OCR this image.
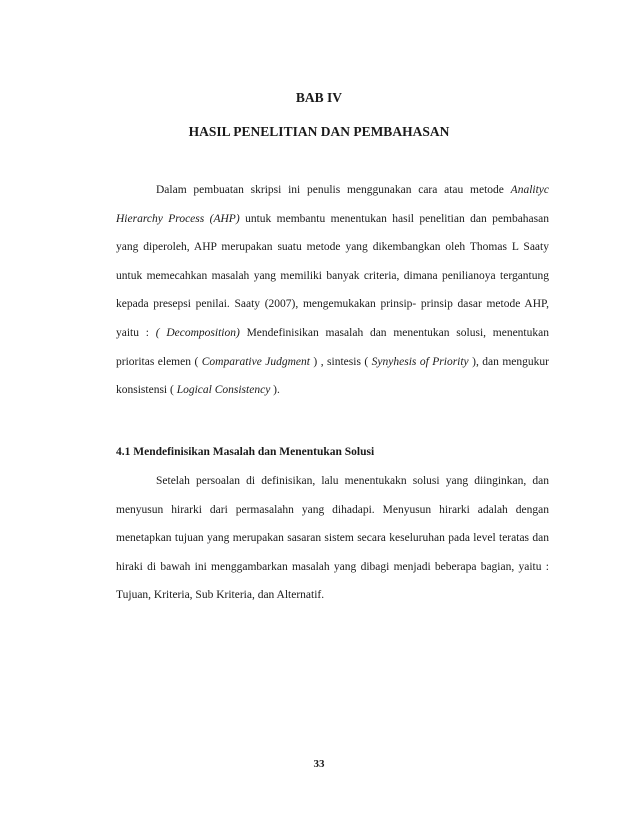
BAB IV
HASIL PENELITIAN DAN PEMBAHASAN

Dalam pembuatan skripsi ini penulis menggunakan cara atau metode Analityc Hierarchy Process (AHP) untuk membantu menentukan hasil penelitian dan pembahasan yang diperoleh, AHP merupakan suatu metode yang dikembangkan oleh Thomas L Saaty untuk memecahkan masalah yang memiliki banyak criteria, dimana penilianoya tergantung kepada presepsi penilai. Saaty (2007), mengemukakan prinsip- prinsip dasar metode AHP, yaitu : ( Decomposition) Mendefinisikan masalah dan menentukan solusi, menentukan prioritas elemen ( Comparative Judgment ) , sintesis ( Synyhesis of Priority ), dan mengukur konsistensi ( Logical Consistency ).

4.1 Mendefinisikan Masalah dan Menentukan Solusi

Setelah persoalan di definisikan, lalu menentukakn solusi yang diinginkan, dan menyusun hirarki dari permasalahn yang dihadapi. Menyusun hirarki adalah dengan menetapkan tujuan yang merupakan sasaran sistem secara keseluruhan pada level teratas dan hiraki di bawah ini menggambarkan masalah yang dibagi menjadi beberapa bagian, yaitu : Tujuan, Kriteria, Sub Kriteria, dan Alternatif.

33
